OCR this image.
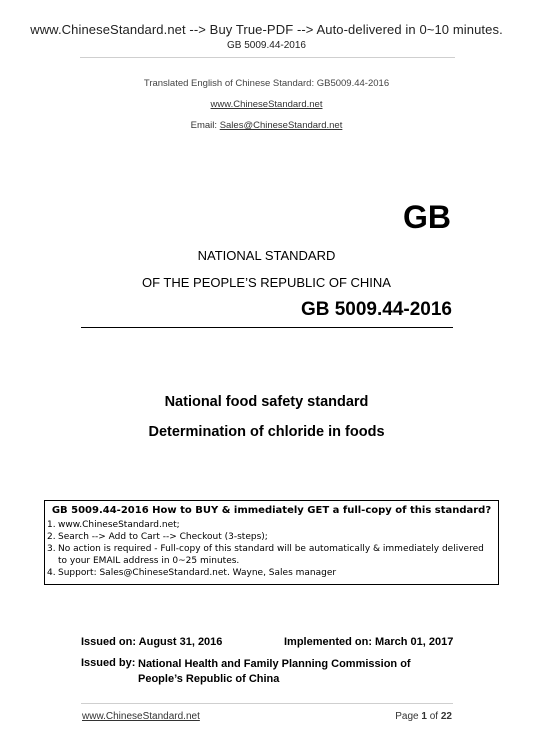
www.ChineseStandard.net --> Buy True-PDF --> Auto-delivered in 0~10 minutes.
GB 5009.44-2016
Translated English of Chinese Standard: GB5009.44-2016
www.ChineseStandard.net
Email: Sales@ChineseStandard.net
GB
NATIONAL STANDARD
OF THE PEOPLE’S REPUBLIC OF CHINA
GB 5009.44-2016
National food safety standard
Determination of chloride in foods
GB 5009.44-2016 How to BUY & immediately GET a full-copy of this standard?
1. www.ChineseStandard.net;
2. Search --> Add to Cart --> Checkout (3-steps);
3. No action is required - Full-copy of this standard will be automatically & immediately delivered to your EMAIL address in 0~25 minutes.
4. Support: Sales@ChineseStandard.net. Wayne, Sales manager
Issued on: August 31, 2016	Implemented on: March 01, 2017
Issued by: National Health and Family Planning Commission of People’s Republic of China
www.ChineseStandard.net	Page 1 of 22
